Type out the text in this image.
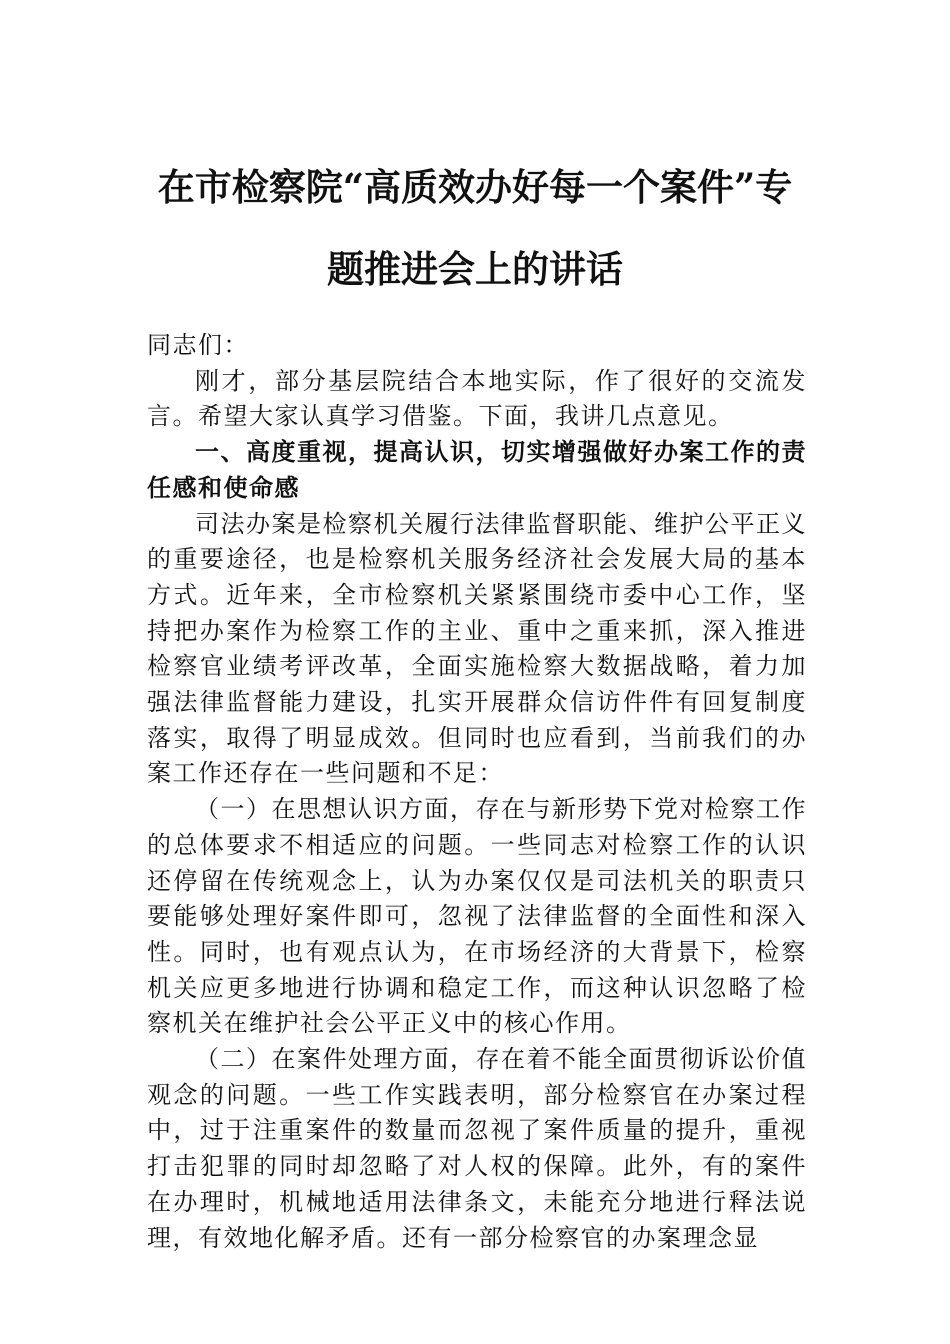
在市检察院“高质效办好每一个案件”专
题推进会上的讲话

同志们：

刚才，部分基层院结合本地实际，作了很好的交流发言。希望大家认真学习借鉴。下面，我讲几点意见。

一、高度重视，提高认识，切实增强做好办案工作的责任感和使命感

司法办案是检察机关履行法律监督职能、维护公平正义的重要途径，也是检察机关服务经济社会发展大局的基本方式。近年来，全市检察机关紧紧围绕市委中心工作，坚持把办案作为检察工作的主业、重中之重来抓，深入推进检察官业绩考评改革，全面实施检察大数据战略，着力加强法律监督能力建设，扎实开展群众信访件件有回复制度落实，取得了明显成效。但同时也应看到，当前我们的办案工作还存在一些问题和不足：

（一）在思想认识方面，存在与新形势下党对检察工作的总体要求不相适应的问题。一些同志对检察工作的认识还停留在传统观念上，认为办案仅仅是司法机关的职责只要能够处理好案件即可，忽视了法律监督的全面性和深入性。同时，也有观点认为，在市场经济的大背景下，检察机关应更多地进行协调和稳定工作，而这种认识忽略了检察机关在维护社会公平正义中的核心作用。

（二）在案件处理方面，存在着不能全面贯彻诉讼价值观念的问题。一些工作实践表明，部分检察官在办案过程中，过于注重案件的数量而忽视了案件质量的提升，重视打击犯罪的同时却忽略了对人权的保障。此外，有的案件在办理时，机械地适用法律条文，未能充分地进行释法说理，有效地化解矛盾。还有一部分检察官的办案理念显
